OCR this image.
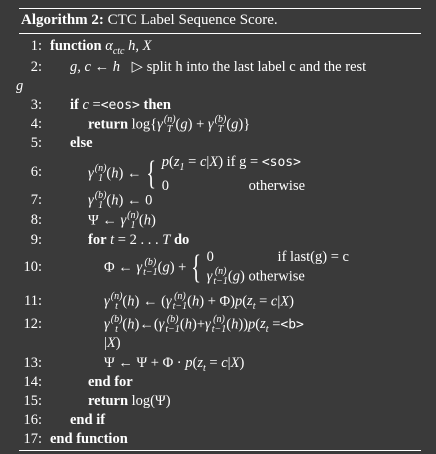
Algorithm 2: CTC Label Sequence Score.
1: function $\alpha_{ctc}$ h, X
2: g, c ← h ▷ split h into the last label c and the rest
g
3: if c =<eos> then
4:	return log{γ(n)
T (g) + γ(b)
T (g)}
5: else
6:	γ(n)
1 (h) ← { $p(z_1 = c|X)$ if g = <sos>
0	otherwise
7:	γ(b)
1 (h) ← 0
8:	Ψ ← γ(n)
1 (h)
9:	for t = 2 . . . T do
10:	Φ ← γ (b)
t−1(g) + {0	if last(g) = c
γ (n)
t−1(g) otherwise
11:	γ(n)
t (h) ← (γ (n)
$t-1(h) + \Phi)p(z_t = c|X)$
12:	γ(b)
t (h)←(γ (b)
t−1(h)+γ (n)
$t-1(h))p(z_t =<b>$
|X)
13:	Ψ ← $\Psi + \Phi \cdot p(z_t = c|X)$
14:	end for
15:	return log(Ψ)
16: end if
17: end function
